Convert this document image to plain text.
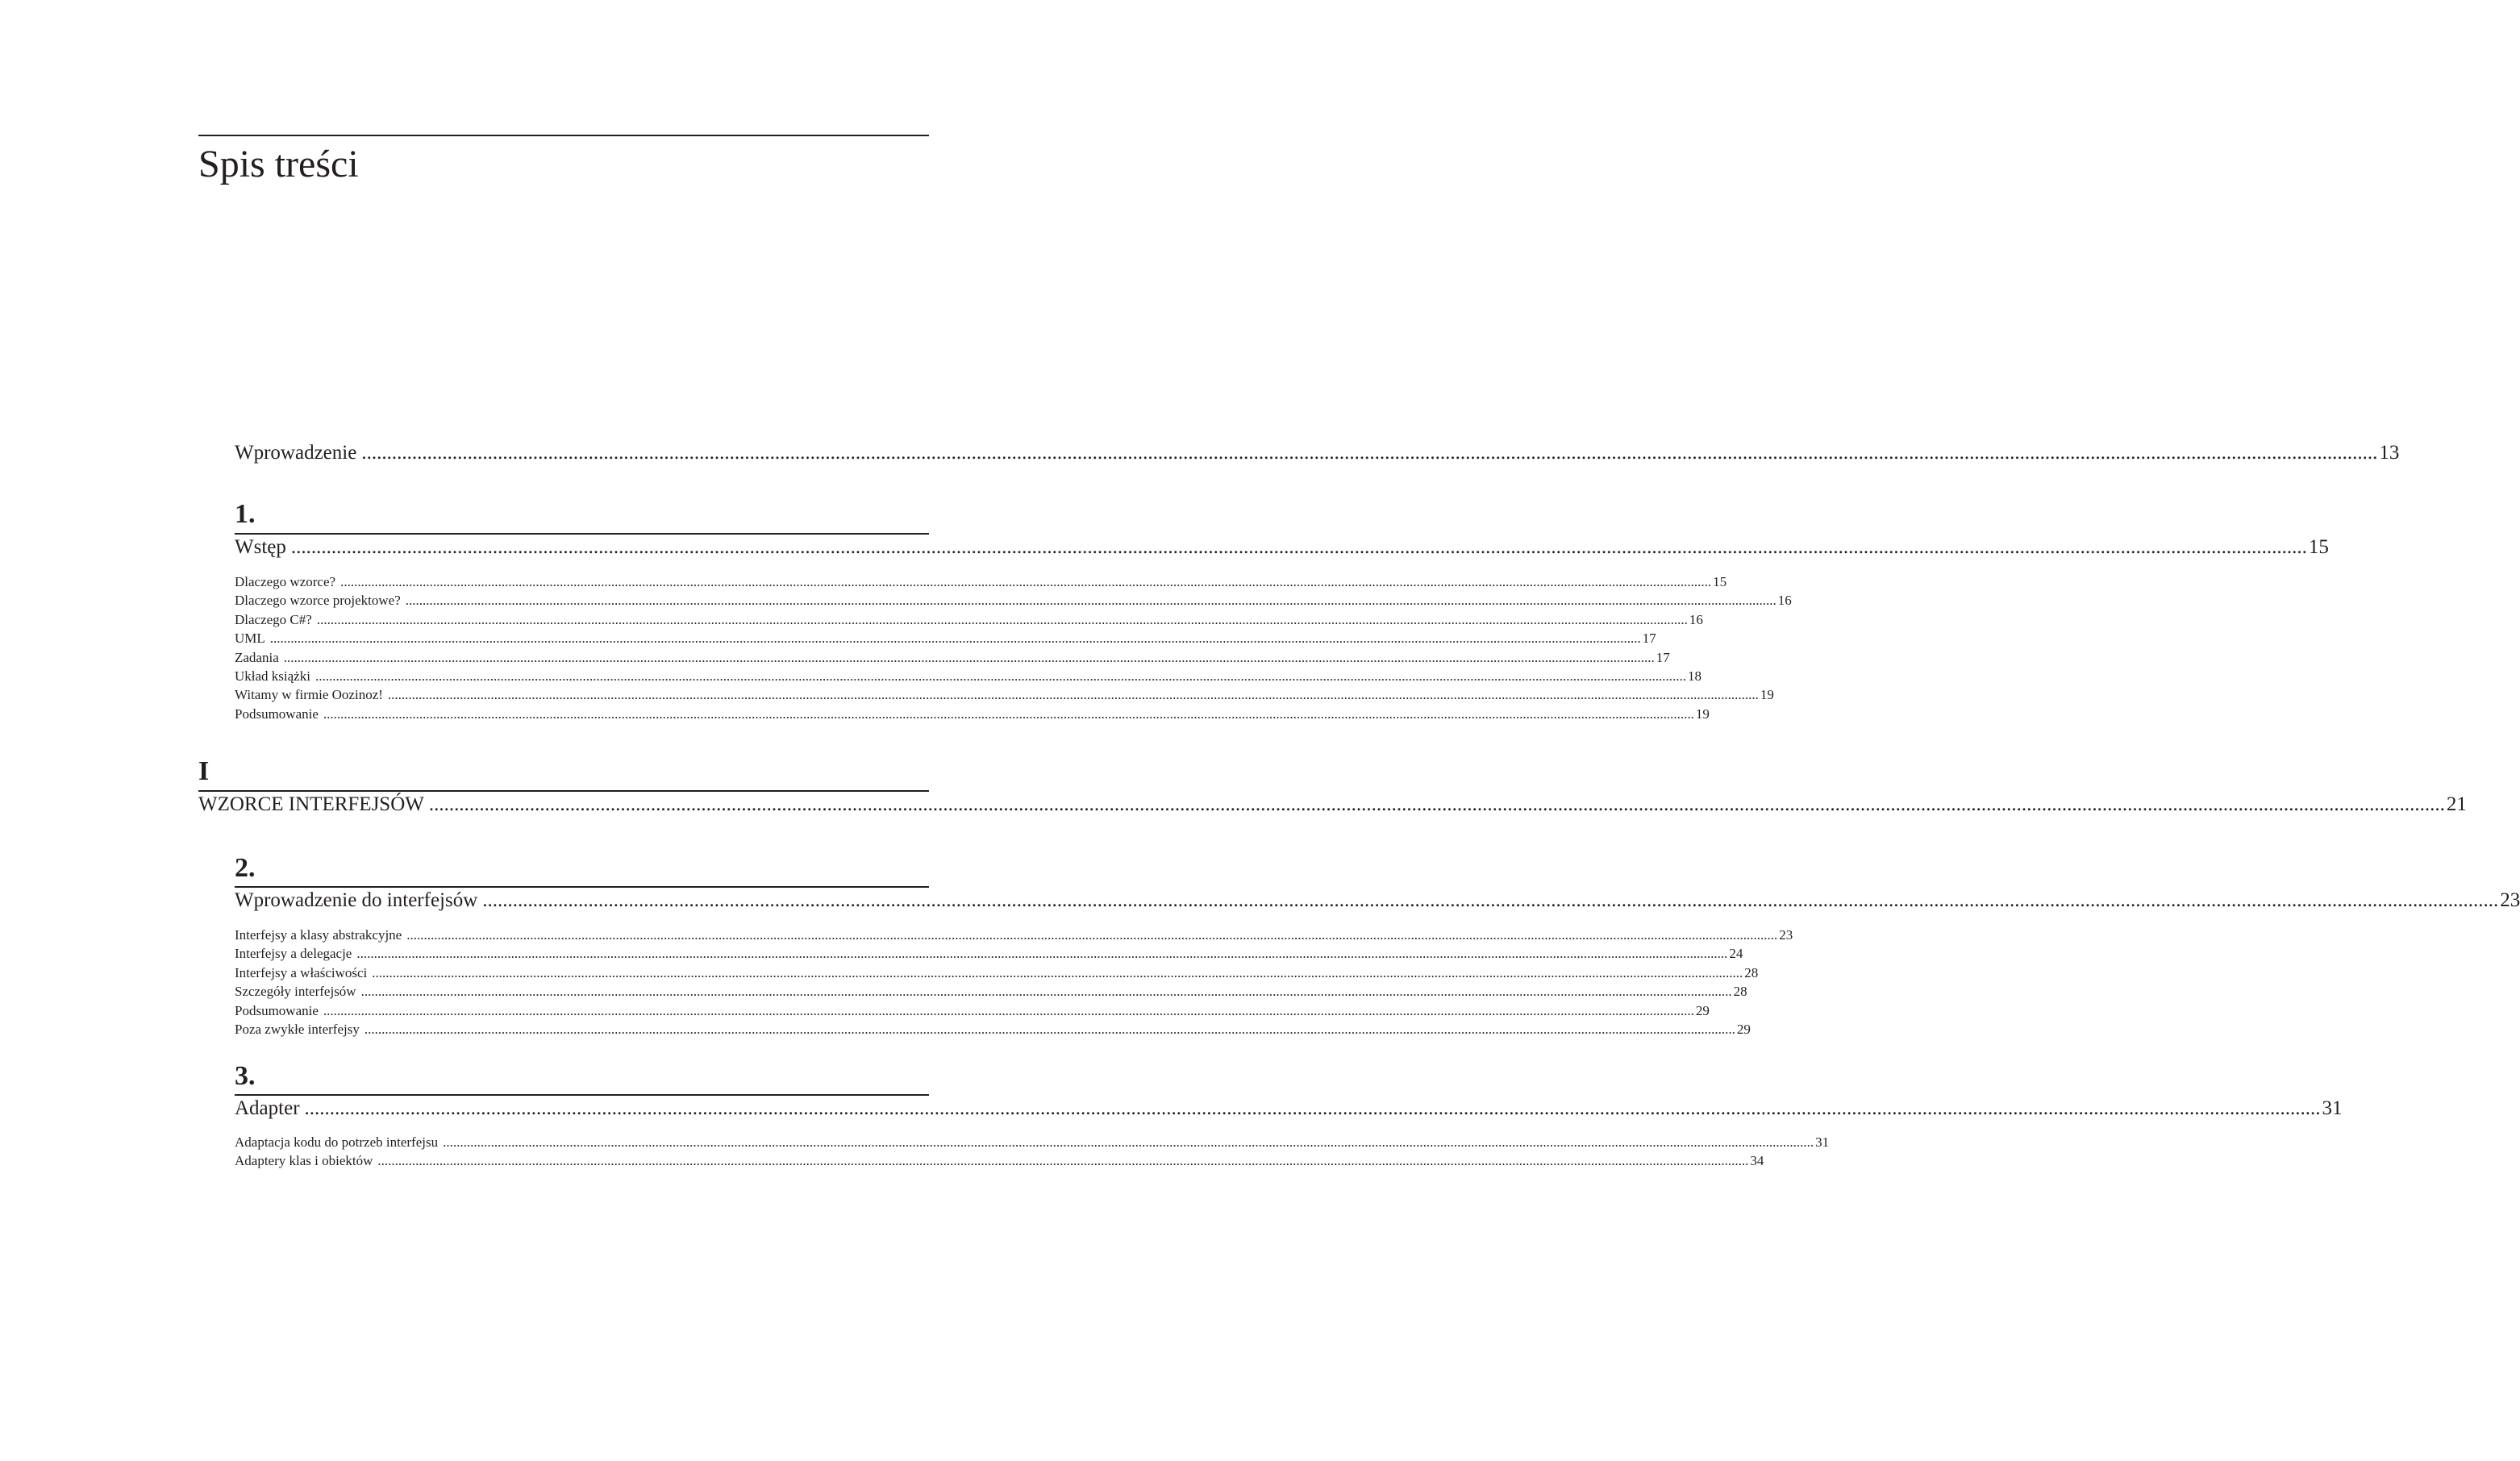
Spis treści
Wprowadzenie ................................................................................................................................................................................................................................................................................................................................................................................................................ 13
1.
Wstęp ................................................................................................................................................................................................................................................................................................................................................................................................................ 15
Dlaczego wzorce? ................................................................................................................................................................................................................................................................................................................................................................................................................ 15
Dlaczego wzorce projektowe? ................................................................................................................................................................................................................................................................................................................................................................................................................ 16
Dlaczego C#? ................................................................................................................................................................................................................................................................................................................................................................................................................ 16
UML ................................................................................................................................................................................................................................................................................................................................................................................................................ 17
Zadania ................................................................................................................................................................................................................................................................................................................................................................................................................ 17
Układ książki ................................................................................................................................................................................................................................................................................................................................................................................................................ 18
Witamy w firmie Oozinoz! ................................................................................................................................................................................................................................................................................................................................................................................................................ 19
Podsumowanie ................................................................................................................................................................................................................................................................................................................................................................................................................ 19
I
WZORCE INTERFEJSÓW ................................................................................................................................................................................................................................................................................................................................................................................................................ 21
2.
Wprowadzenie do interfejsów ................................................................................................................................................................................................................................................................................................................................................................................................................ 23
Interfejsy a klasy abstrakcyjne ................................................................................................................................................................................................................................................................................................................................................................................................................ 23
Interfejsy a delegacje ................................................................................................................................................................................................................................................................................................................................................................................................................ 24
Interfejsy a właściwości ................................................................................................................................................................................................................................................................................................................................................................................................................ 28
Szczegóły interfejsów ................................................................................................................................................................................................................................................................................................................................................................................................................ 28
Podsumowanie ................................................................................................................................................................................................................................................................................................................................................................................................................ 29
Poza zwykłe interfejsy ................................................................................................................................................................................................................................................................................................................................................................................................................ 29
3.
Adapter ................................................................................................................................................................................................................................................................................................................................................................................................................ 31
Adaptacja kodu do potrzeb interfejsu ................................................................................................................................................................................................................................................................................................................................................................................................................ 31
Adaptery klas i obiektów ................................................................................................................................................................................................................................................................................................................................................................................................................ 34
